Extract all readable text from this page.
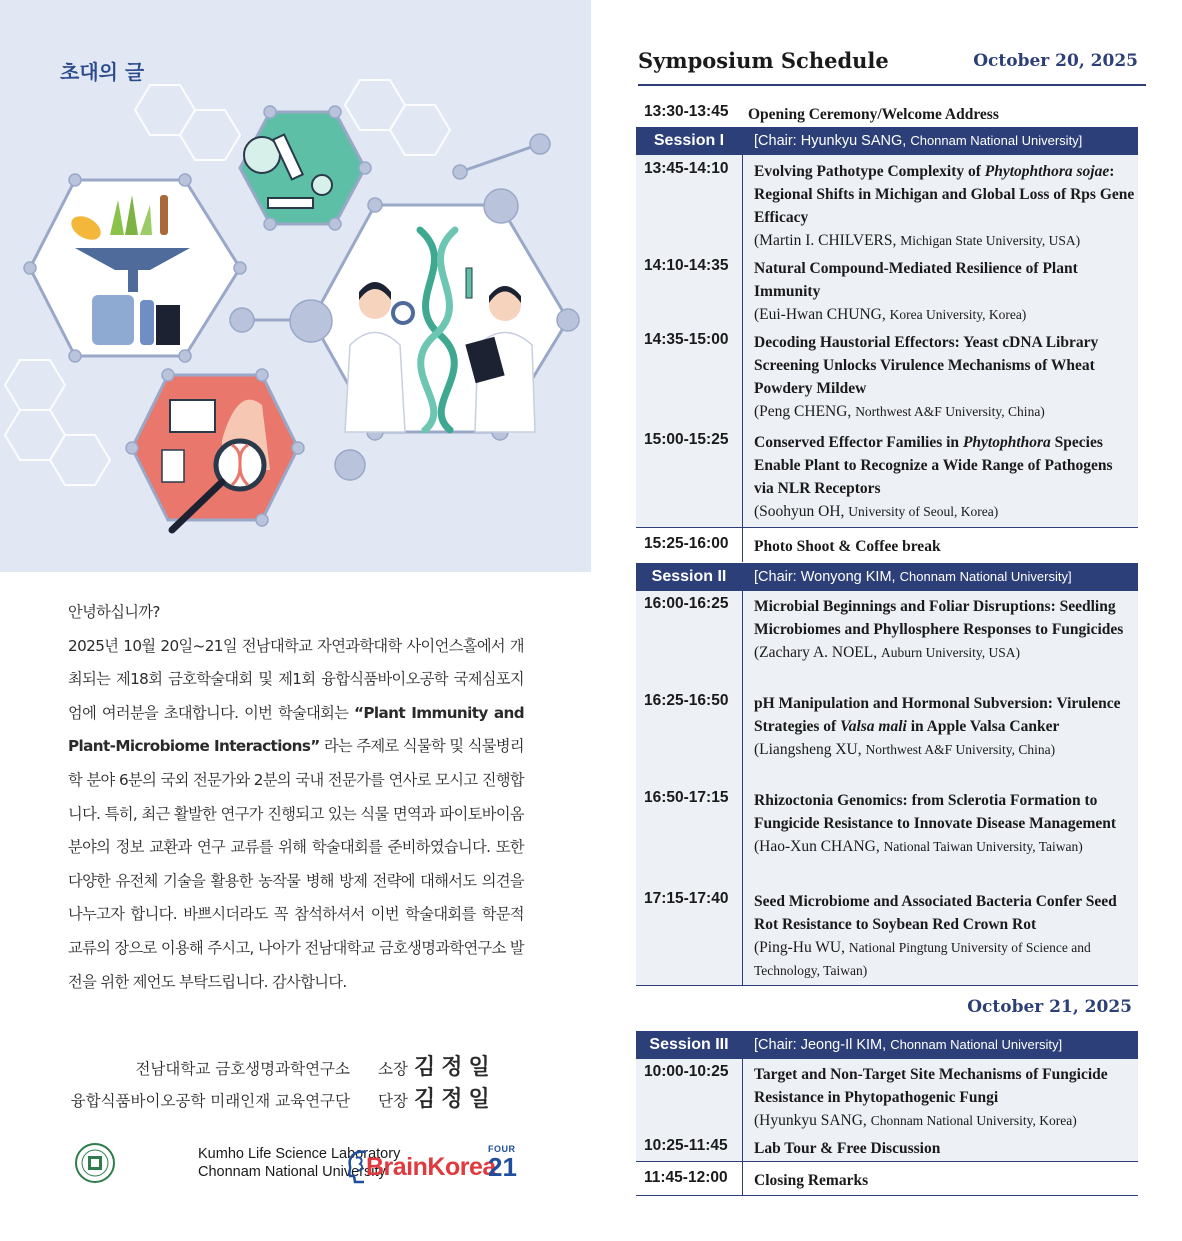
초대의 글
안녕하십니까?
2025년 10월 20일~21일 전남대학교 자연과학대학 사이언스홀에서 개최되는 제18회 금호학술대회 및 제1회 융합식품바이오공학 국제심포지엄에 여러분을 초대합니다. 이번 학술대회는 “Plant Immunity and Plant-Microbiome Interactions” 라는 주제로 식물학 및 식물병리학 분야 6분의 국외 전문가와 2분의 국내 전문가를 연사로 모시고 진행합니다. 특히, 최근 활발한 연구가 진행되고 있는 식물 면역과 파이토바이옴 분야의 정보 교환과 연구 교류를 위해 학술대회를 준비하였습니다. 또한 다양한 유전체 기술을 활용한 농작물 병해 방제 전략에 대해서도 의견을 나누고자 합니다. 바쁘시더라도 꼭 참석하셔서 이번 학술대회를 학문적 교류의 장으로 이용해 주시고, 나아가 전남대학교 금호생명과학연구소 발전을 위한 제언도 부탁드립니다. 감사합니다.
전남대학교 금호생명과학연구소 소장 김정일
융합식품바이오공학 미래인재 교육연구단 단장 김정일
Kumho Life Science Laboratory
Chonnam National University
FOUR
BrainKorea
21
Symposium Schedule	October 20, 2025
13:30-13:45 Opening Ceremony/Welcome Address
Session I	[Chair: Hyunkyu SANG, Chonnam National University]
13:45-14:10 Evolving Pathotype Complexity of Phytophthora sojae: Regional Shifts in Michigan and Global Loss of Rps Gene Efficacy
(Martin I. CHILVERS, Michigan State University, USA)
14:10-14:35 Natural Compound-Mediated Resilience of Plant Immunity
(Eui-Hwan CHUNG, Korea University, Korea)
14:35-15:00 Decoding Haustorial Effectors: Yeast cDNA Library Screening Unlocks Virulence Mechanisms of Wheat Powdery Mildew
(Peng CHENG, Northwest A&F University, China)
15:00-15:25 Conserved Effector Families in Phytophthora Species Enable Plant to Recognize a Wide Range of Pathogens via NLR Receptors
(Soohyun OH, University of Seoul, Korea)
15:25-16:00 Photo Shoot & Coffee break
Session II	[Chair: Wonyong KIM, Chonnam National University]
16:00-16:25 Microbial Beginnings and Foliar Disruptions: Seedling Microbiomes and Phyllosphere Responses to Fungicides
(Zachary A. NOEL, Auburn University, USA)
16:25-16:50 pH Manipulation and Hormonal Subversion: Virulence Strategies of Valsa mali in Apple Valsa Canker
(Liangsheng XU, Northwest A&F University, China)
16:50-17:15 Rhizoctonia Genomics: from Sclerotia Formation to Fungicide Resistance to Innovate Disease Management
(Hao-Xun CHANG, National Taiwan University, Taiwan)
17:15-17:40 Seed Microbiome and Associated Bacteria Confer Seed Rot Resistance to Soybean Red Crown Rot
(Ping-Hu WU, National Pingtung University of Science and Technology, Taiwan)
October 21, 2025
Session III	[Chair: Jeong-Il KIM, Chonnam National University]
10:00-10:25 Target and Non-Target Site Mechanisms of Fungicide Resistance in Phytopathogenic Fungi
(Hyunkyu SANG, Chonnam National University, Korea)
10:25-11:45 Lab Tour & Free Discussion
11:45-12:00 Closing Remarks
